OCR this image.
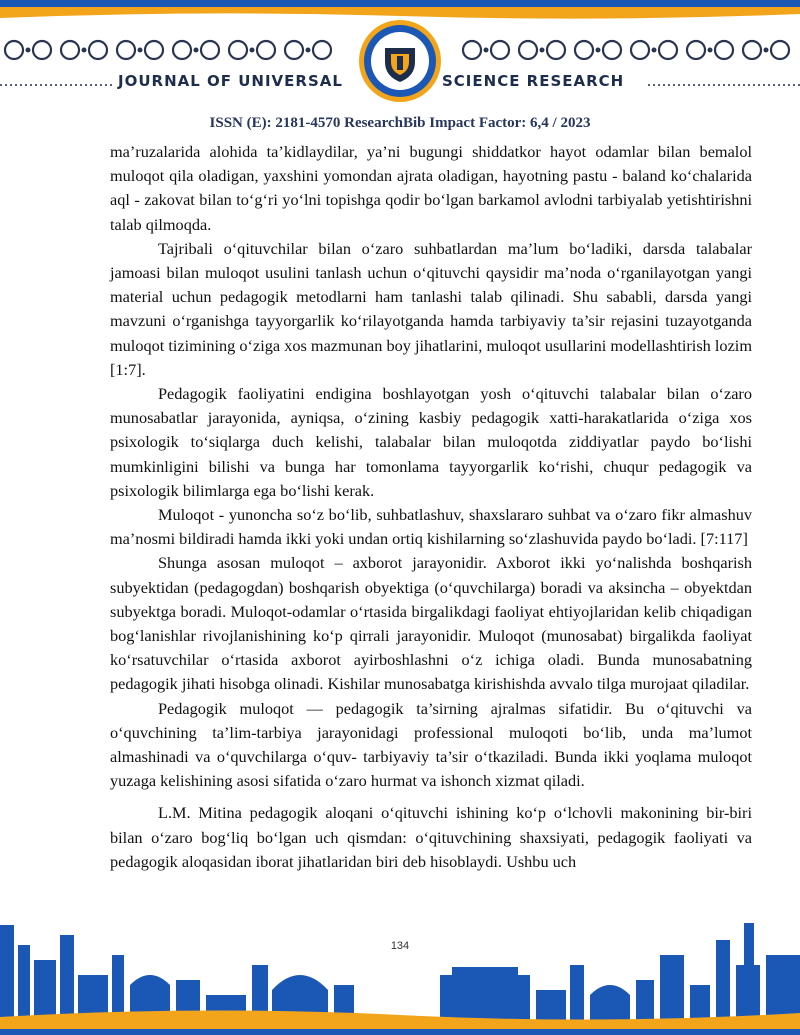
JOURNAL OF UNIVERSAL	SCIENCE RESEARCH
ISSN (E): 2181-4570 ResearchBib Impact Factor: 6,4 / 2023

ma’ruzalarida alohida ta’kidlaydilar, ya’ni bugungi shiddatkor hayot odamlar bilan bemalol muloqot qila oladigan, yaxshini yomondan ajrata oladigan, hayotning pastu - baland ko‘chalarida aql - zakovat bilan to‘g‘ri yo‘lni topishga qodir bo‘lgan barkamol avlodni tarbiyalab yetishtirishni talab qilmoqda.

Tajribali o‘qituvchilar bilan o‘zaro suhbatlardan ma’lum bo‘ladiki, darsda talabalar jamoasi bilan muloqot usulini tanlash uchun o‘qituvchi qaysidir ma’noda o‘rganilayotgan yangi material uchun pedagogik metodlarni ham tanlashi talab qilinadi. Shu sababli, darsda yangi mavzuni o‘rganishga tayyorgarlik ko‘rilayotganda hamda tarbiyaviy ta’sir rejasini tuzayotganda muloqot tizimining o‘ziga xos mazmunan boy jihatlarini, muloqot usullarini modellashtirish lozim [1:7].

Pedagogik faoliyatini endigina boshlayotgan yosh o‘qituvchi talabalar bilan o‘zaro munosabatlar jarayonida, ayniqsa, o‘zining kasbiy pedagogik xatti-harakatlarida o‘ziga xos psixologik to‘siqlarga duch kelishi, talabalar bilan muloqotda ziddiyatlar paydo bo‘lishi mumkinligini bilishi va bunga har tomonlama tayyorgarlik ko‘rishi, chuqur pedagogik va psixologik bilimlarga ega bo‘lishi kerak.

Muloqot - yunoncha so‘z bo‘lib, suhbatlashuv, shaxslararo suhbat va o‘zaro fikr almashuv ma’nosmi bildiradi hamda ikki yoki undan ortiq kishilarning so‘zlashuvida paydo bo‘ladi. [7:117]

Shunga asosan muloqot – axborot jarayonidir. Axborot ikki yo‘nalishda boshqarish subyektidan (pedagogdan) boshqarish obyektiga (o‘quvchilarga) boradi va aksincha – obyektdan subyektga boradi. Muloqot-odamlar o‘rtasida birgalikdagi faoliyat ehtiyojlaridan kelib chiqadigan bog‘lanishlar rivojlanishining ko‘p qirrali jarayonidir. Muloqot (munosabat) birgalikda faoliyat ko‘rsatuvchilar o‘rtasida axborot ayirboshlashni o‘z ichiga oladi. Bunda munosabatning pedagogik jihati hisobga olinadi. Kishilar munosabatga kirishishda avvalo tilga murojaat qiladilar.

Pedagogik muloqot — pedagogik ta’sirning ajralmas sifatidir. Bu o‘qituvchi va o‘quvchining ta’lim-tarbiya jarayonidagi professional muloqoti bo‘lib, unda ma’lumot almashinadi va o‘quvchilarga o‘quv- tarbiyaviy ta’sir o‘tkaziladi. Bunda ikki yoqlama muloqot yuzaga kelishining asosi sifatida o‘zaro hurmat va ishonch xizmat qiladi.

L.M. Mitina pedagogik aloqani o‘qituvchi ishining ko‘p o‘lchovli makonining bir-biri bilan o‘zaro bog‘liq bo‘lgan uch qismdan: o‘qituvchining shaxsiyati, pedagogik faoliyati va pedagogik aloqasidan iborat jihatlaridan biri deb hisoblaydi. Ushbu uch

134
